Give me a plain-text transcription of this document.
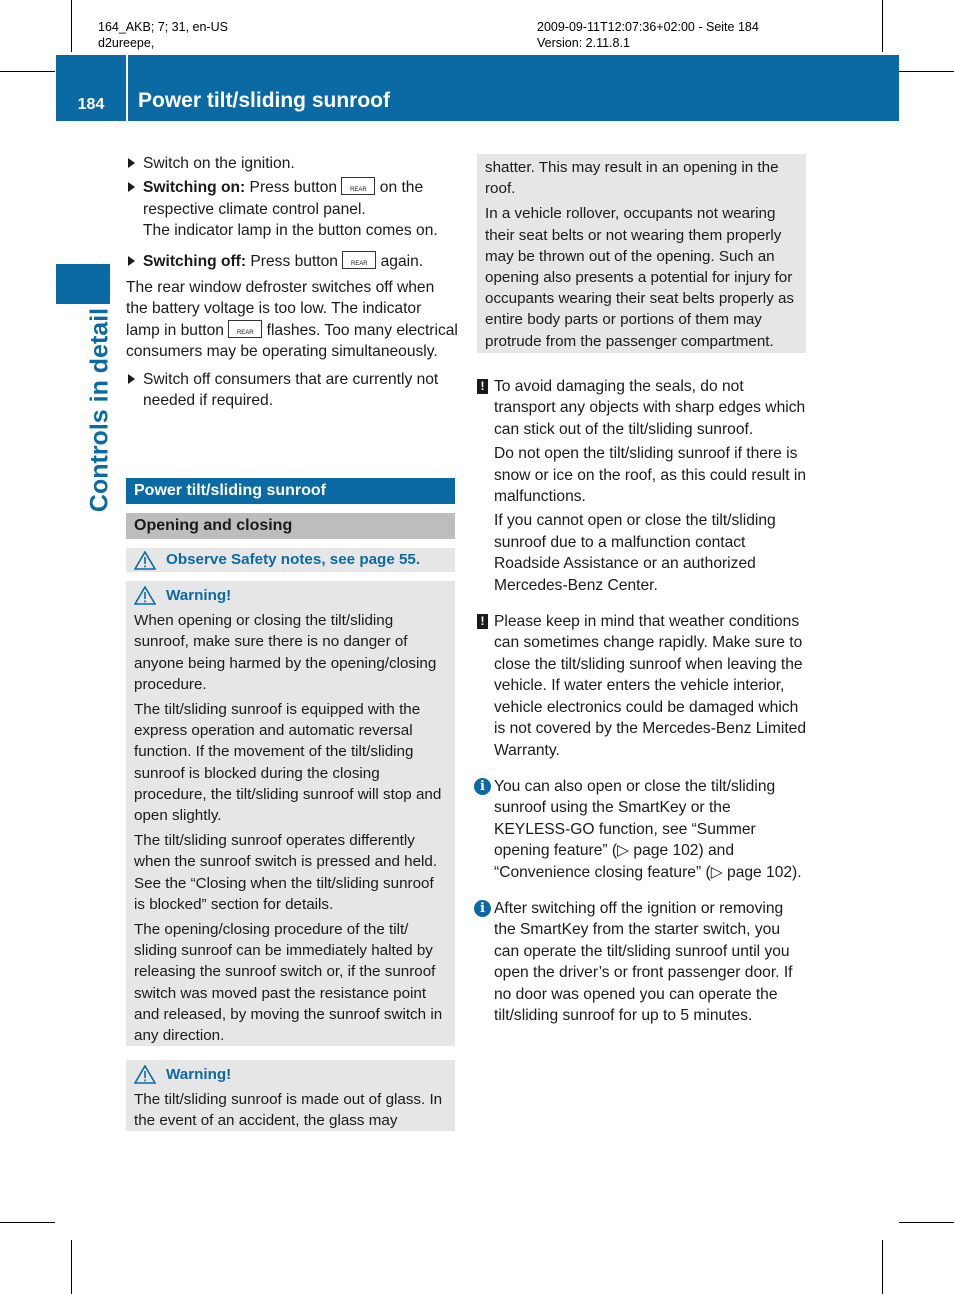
164_AKB; 7; 31, en-US
d2ureepe,
2009-09-11T12:07:36+02:00 - Seite 184
Version: 2.11.8.1
184	Power tilt/sliding sunroof
Controls in detail

Switch on the ignition.

Switching on: Press button REAR on the respective climate control panel.
The indicator lamp in the button comes on.

Switching off: Press button REAR again.

The rear window defroster switches off when the battery voltage is too low. The indicator lamp in button REAR flashes. Too many electrical consumers may be operating simultaneously.

Switch off consumers that are currently not needed if required.

Power tilt/sliding sunroof
Opening and closing
Observe Safety notes, see page 55.
Warning!

When opening or closing the tilt/sliding sunroof, make sure there is no danger of anyone being harmed by the opening/closing procedure.

The tilt/sliding sunroof is equipped with the express operation and automatic reversal function. If the movement of the tilt/sliding sunroof is blocked during the closing procedure, the tilt/sliding sunroof will stop and open slightly.

The tilt/sliding sunroof operates differently when the sunroof switch is pressed and held. See the “Closing when the tilt/sliding sunroof is blocked” section for details.

The opening/closing procedure of the tilt/ sliding sunroof can be immediately halted by releasing the sunroof switch or, if the sunroof switch was moved past the resistance point and released, by moving the sunroof switch in any direction.

Warning!

The tilt/sliding sunroof is made out of glass. In the event of an accident, the glass may

shatter. This may result in an opening in the roof.

In a vehicle rollover, occupants not wearing their seat belts or not wearing them properly may be thrown out of the opening. Such an opening also presents a potential for injury for occupants wearing their seat belts properly as entire body parts or portions of them may protrude from the passenger compartment.

! To avoid damaging the seals, do not transport any objects with sharp edges which can stick out of the tilt/sliding sunroof.

Do not open the tilt/sliding sunroof if there is snow or ice on the roof, as this could result in malfunctions.

If you cannot open or close the tilt/sliding sunroof due to a malfunction contact Roadside Assistance or an authorized Mercedes-Benz Center.

! Please keep in mind that weather conditions can sometimes change rapidly. Make sure to close the tilt/sliding sunroof when leaving the vehicle. If water enters the vehicle interior, vehicle electronics could be damaged which is not covered by the Mercedes-Benz Limited Warranty.

i You can also open or close the tilt/sliding sunroof using the SmartKey or the KEYLESS-GO function, see “Summer opening feature” (▷ page 102) and “Convenience closing feature” (▷ page 102).

i After switching off the ignition or removing the SmartKey from the starter switch, you can operate the tilt/sliding sunroof until you open the driver’s or front passenger door. If no door was opened you can operate the tilt/sliding sunroof for up to 5 minutes.
